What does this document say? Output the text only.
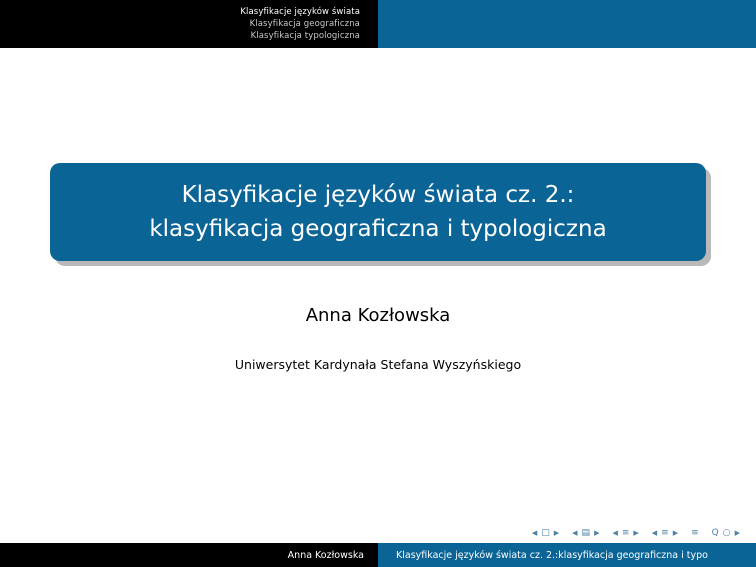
Klasyfikacje języków świata
Klasyfikacja geograficzna
Klasyfikacja typologiczna
Klasyfikacje języków świata cz. 2.:
klasyfikacja geograficzna i typologiczna
Anna Kozłowska
Uniwersytet Kardynała Stefana Wyszyńskiego
◀ □ ▶ ◀ ▤ ▶ ◀ ≡ ▶ ◀ ≡ ▶ ≡ Q ○ ▶
Anna Kozłowska	Klasyfikacje języków świata cz. 2.:klasyfikacja geograficzna i typo
